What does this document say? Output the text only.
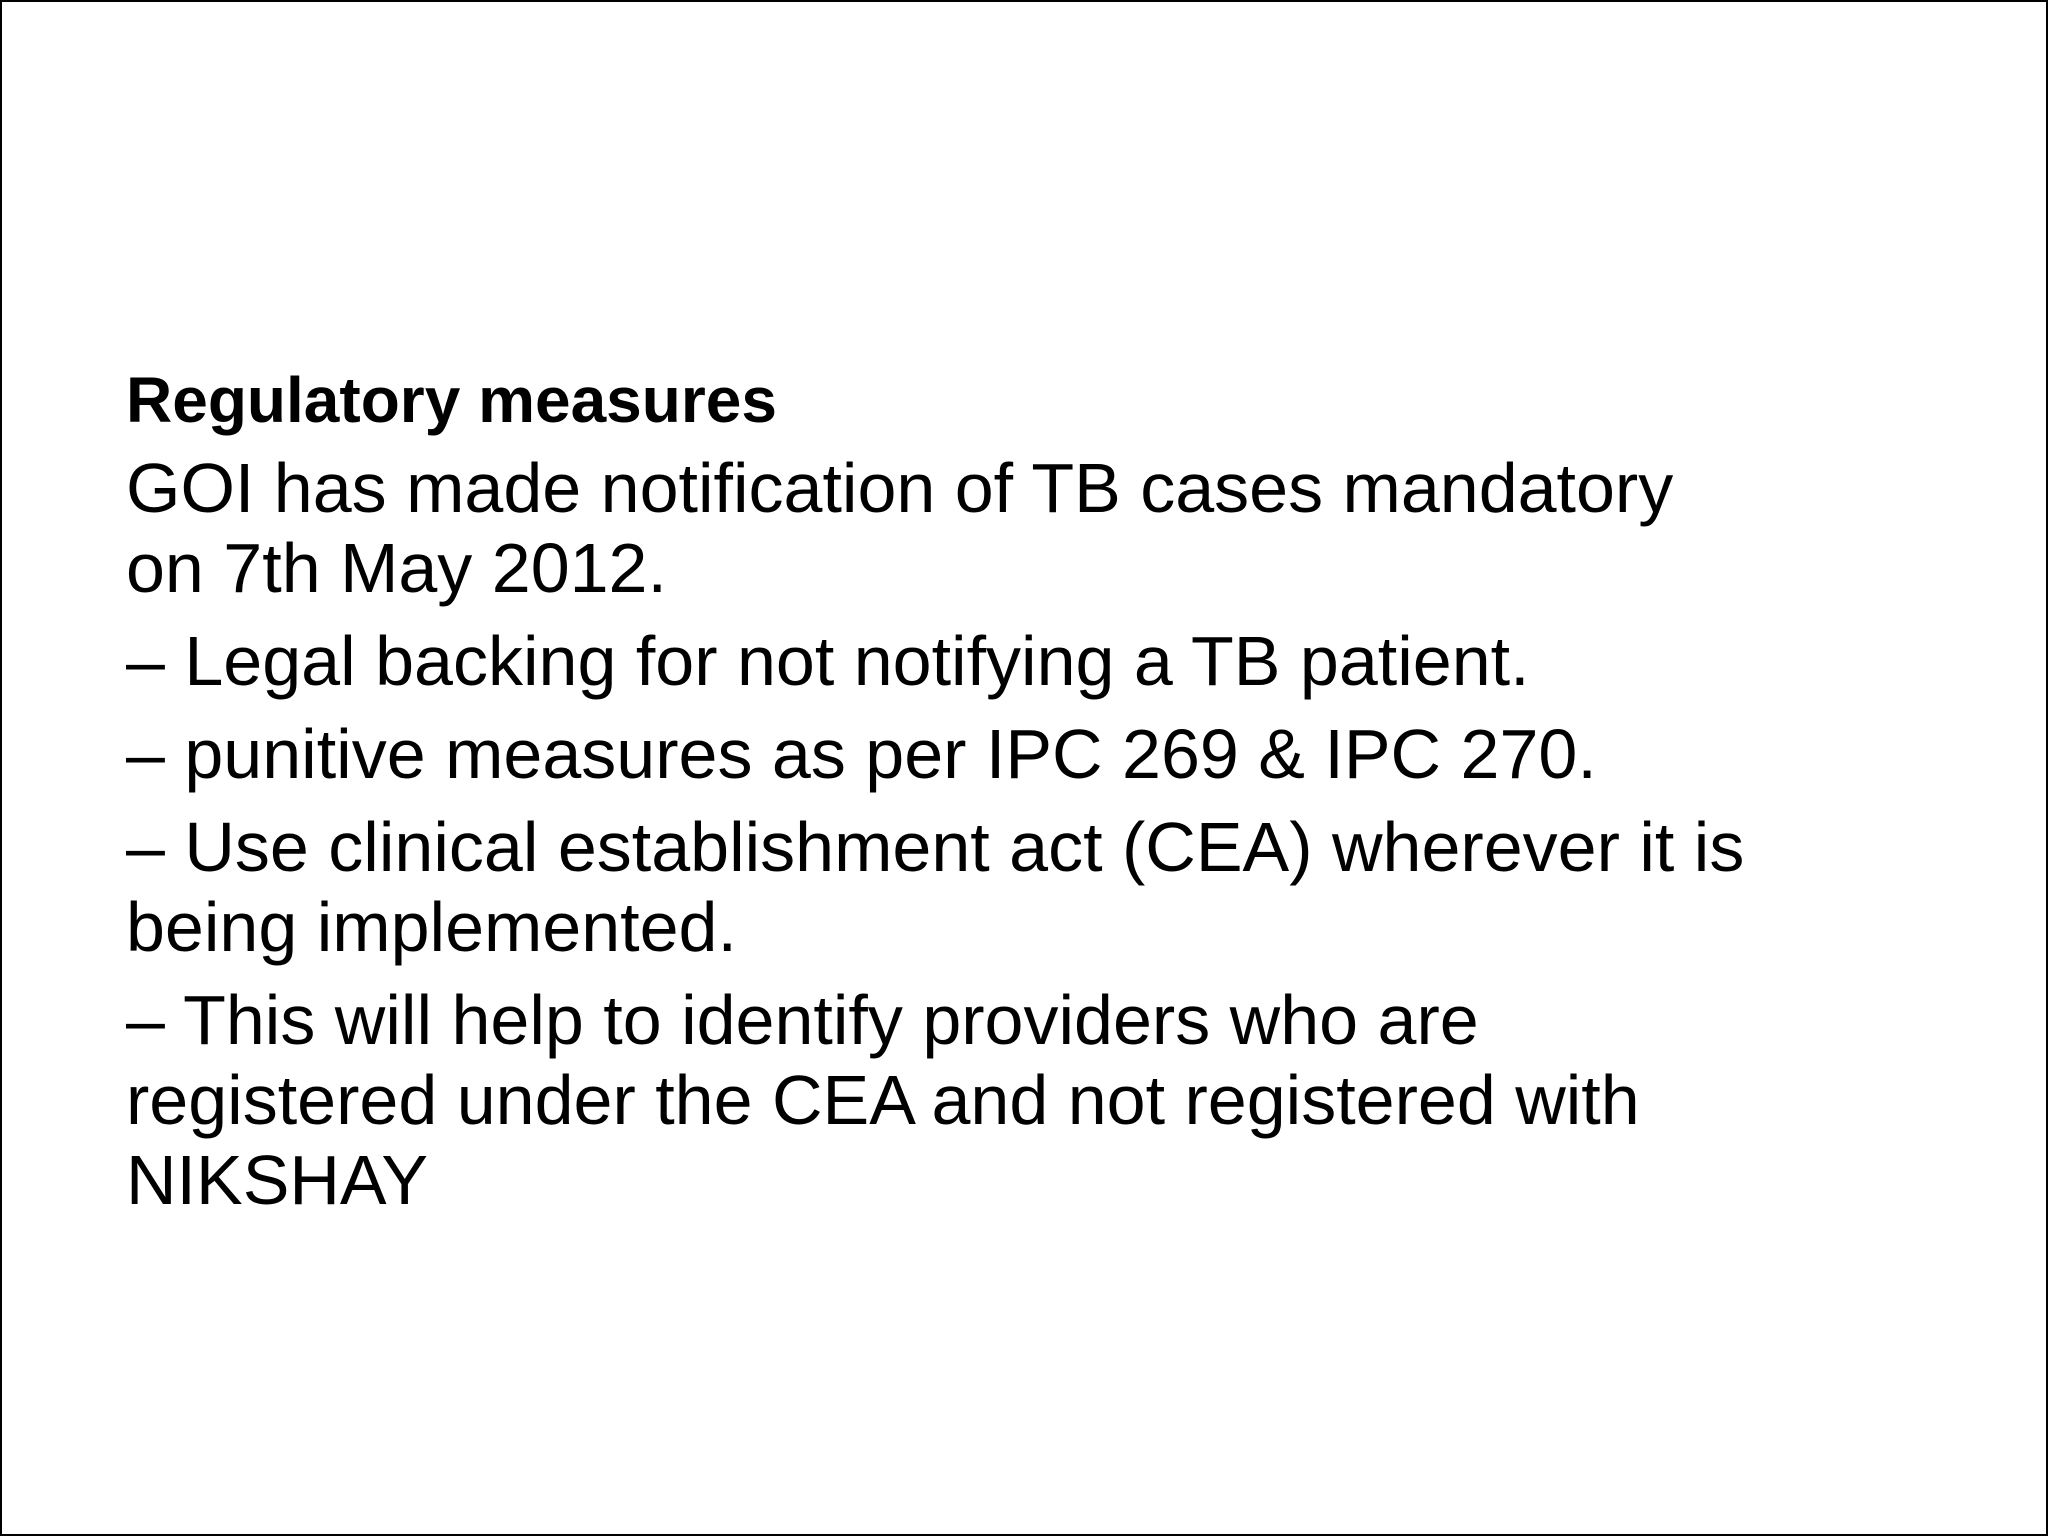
Regulatory measures
GOI has made notification of TB cases mandatory
on 7th May 2012.
– Legal backing for not notifying a TB patient.
– punitive measures as per IPC 269 & IPC 270.
– Use clinical establishment act (CEA) wherever it is
being implemented.
– This will help to identify providers who are
registered under the CEA and not registered with
NIKSHAY
